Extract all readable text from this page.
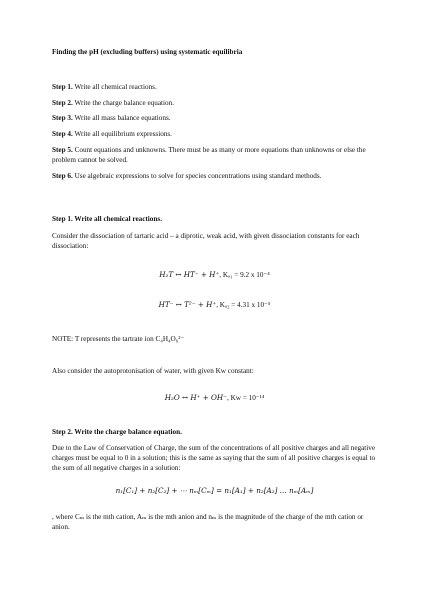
Finding the pH (excluding buffers) using systematic equilibria

Step 1. Write all chemical reactions.

Step 2. Write the charge balance equation.

Step 3. Write all mass balance equations.

Step 4. Write all equilibrium expressions.

Step 5. Count equations and unknowns. There must be as many or more equations than unknowns or else the problem cannot be solved.

Step 6. Use algebraic expressions to solve for species concentrations using standard methods.

Step 1. Write all chemical reactions.

Consider the dissociation of tartaric acid – a diprotic, weak acid, with given dissociation constants for each dissociation:

H₂T ↔ HT⁻ + H⁺, Kₐ₁ = 9.2 x 10⁻⁴

HT⁻ ↔ T²⁻ + H⁺, Kₐ₂ = 4.31 x 10⁻⁵

NOTE: T represents the tartrate ion C₄H₄O₆²⁻

Also consider the autoprotonisation of water, with given Kw constant:

H₂O ↔ H⁺ + OH⁻, Kw = 10⁻¹⁴

Step 2. Write the charge balance equation.

Due to the Law of Conservation of Charge, the sum of the concentrations of all positive charges and all negative charges must be equal to 0 in a solution; this is the same as saying that the sum of all positive charges is equal to the sum of all negative charges in a solution:

n₁[C₁] + n₂[C₂] + ⋯ nₘ[Cₘ] = n₁[A₁] + n₂[A₂] … nₘ[Aₘ]

, where Cₘ is the mth cation, Aₘ is the mth anion and nₘ is the magnitude of the charge of the mth cation or anion.
